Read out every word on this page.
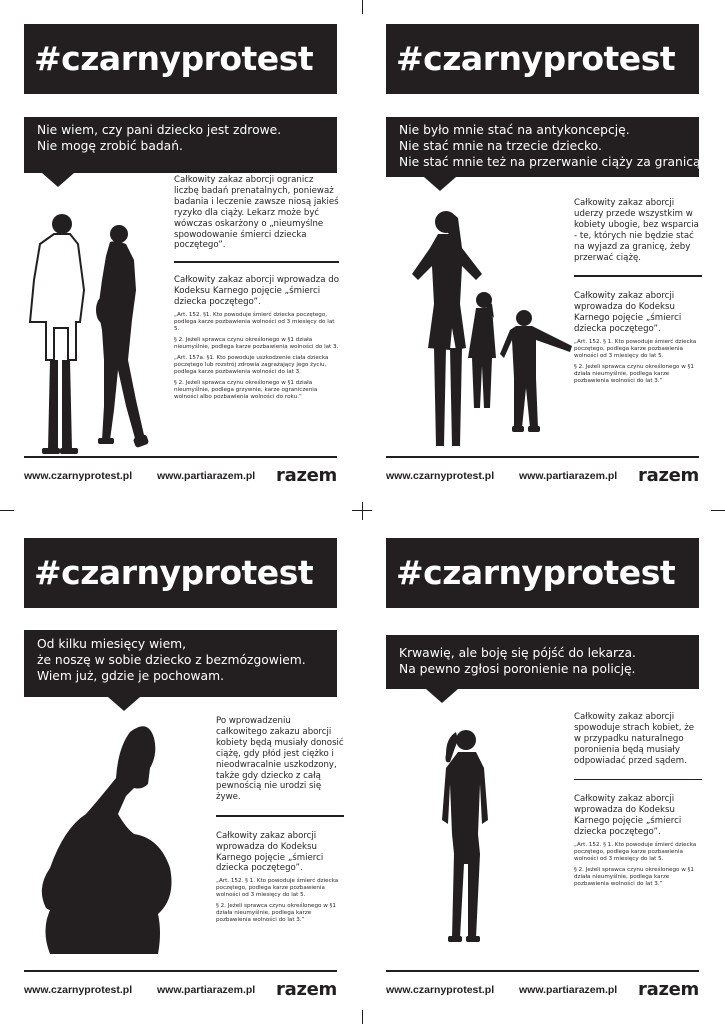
#czarnyprotest
Nie wiem, czy pani dziecko jest zdrowe.
Nie mogę zrobić badań.

Całkowity zakaz aborcji ogranicz liczbę badań prenatalnych, ponieważ badania i leczenie zawsze niosą jakieś ryzyko dla ciąży. Lekarz może być wówczas oskarżony o „nieumyślne spowodowanie śmierci dziecka poczętego”.

Całkowity zakaz aborcji wprowadza do Kodeksu Karnego pojęcie „śmierci dziecka poczętego”.

„Art. 152. §1. Kto powoduje śmierć dziecka poczętego, podlega karze pozbawienia wolności od 3 miesięcy do lat 5.

§ 2. Jeżeli sprawca czynu określonego w §1 działa nieumyślnie, podlega karze pozbawienia wolności do lat 3.

„Art. 157a. §1. Kto powoduje uszkodzenie ciała dziecka poczętego lub rozstrój zdrowia zagrażający jego życiu, podlega karze pozbawienia wolności do lat 3.

§ 2. Jeżeli sprawca czynu określonego w §1 działa nieumyślnie, podlega grzywnie, karze ograniczenia wolności albo pozbawienia wolności do roku.”

www.czarnyprotest.pl www.partiarazem.pl razem
#czarnyprotest
Nie było mnie stać na antykoncepcję.
Nie stać mnie na trzecie dziecko.
Nie stać mnie też na przerwanie ciąży za granicą.

Całkowity zakaz aborcji uderzy przede wszystkim w kobiety ubogie, bez wsparcia - te, których nie będzie stać na wyjazd za granicę, żeby przerwać ciążę.

Całkowity zakaz aborcji wprowadza do Kodeksu Karnego pojęcie „śmierci dziecka poczętego”.

„Art. 152. § 1. Kto powoduje śmierć dziecka poczętego, podlega karze pozbawienia wolności od 3 miesięcy do lat 5.

§ 2. Jeżeli sprawca czynu określonego w §1 działa nieumyślnie, podlega karze pozbawienia wolności do lat 3.”

www.czarnyprotest.pl www.partiarazem.pl razem
#czarnyprotest
Od kilku miesięcy wiem,
że noszę w sobie dziecko z bezmózgowiem.
Wiem już, gdzie je pochowam.

Po wprowadzeniu całkowitego zakazu aborcji kobiety będą musiały donosić ciążę, gdy płód jest ciężko i nieodwracalnie uszkodzony, także gdy dziecko z całą pewnością nie urodzi się żywe.

Całkowity zakaz aborcji wprowadza do Kodeksu Karnego pojęcie „śmierci dziecka poczętego”.

„Art. 152. § 1. Kto powoduje śmierć dziecka poczętego, podlega karze pozbawienia wolności od 3 miesięcy do lat 5.

§ 2. Jeżeli sprawca czynu określonego w §1 działa nieumyślnie, podlega karze pozbawienia wolności do lat 3.”

www.czarnyprotest.pl www.partiarazem.pl razem
#czarnyprotest
Krwawię, ale boję się pójść do lekarza.
Na pewno zgłosi poronienie na policję.

Całkowity zakaz aborcji spowoduje strach kobiet, że w przypadku naturalnego poronienia będą musiały odpowiadać przed sądem.

Całkowity zakaz aborcji wprowadza do Kodeksu Karnego pojęcie „śmierci dziecka poczętego”.

„Art. 152. § 1. Kto powoduje śmierć dziecka poczętego, podlega karze pozbawienia wolności od 3 miesięcy do lat 5.

§ 2. Jeżeli sprawca czynu określonego w §1 działa nieumyślnie, podlega karze pozbawienia wolności do lat 3.”

www.czarnyprotest.pl www.partiarazem.pl razem
